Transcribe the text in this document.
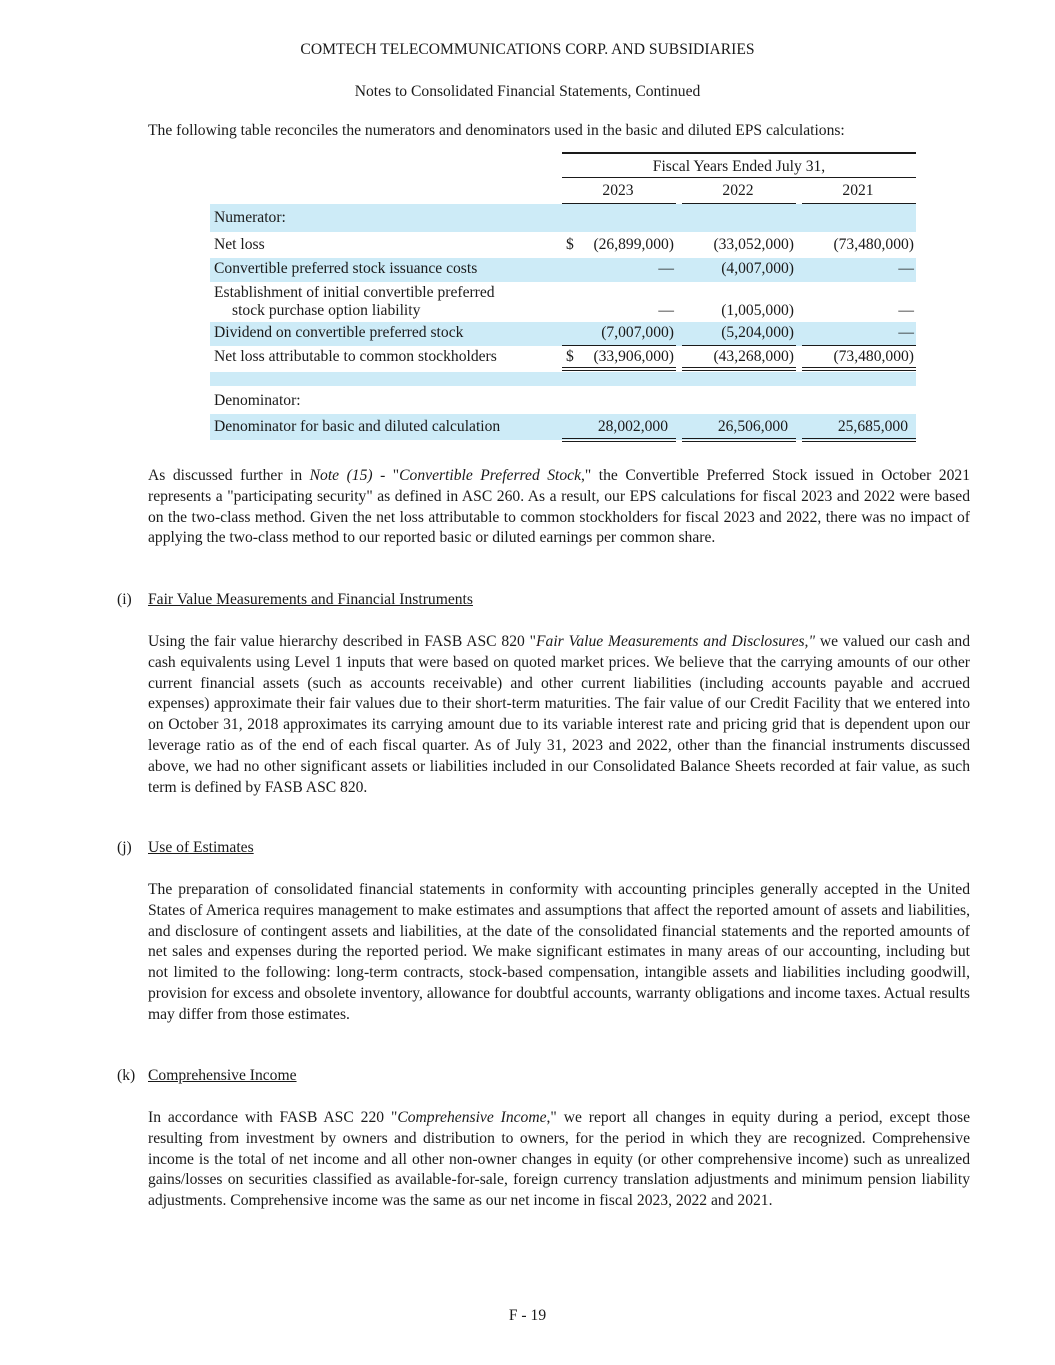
COMTECH TELECOMMUNICATIONS CORP. AND SUBSIDIARIES
Notes to Consolidated Financial Statements, Continued
The following table reconciles the numerators and denominators used in the basic and diluted EPS calculations:
Fiscal Years Ended July 31,
2023	2022	2021
Numerator:
Net loss	$	(26,899,000)	(33,052,000)	(73,480,000)
Convertible preferred stock issuance costs	—	(4,007,000)	—
Establishment of initial convertible preferred
stock purchase option liability	—	(1,005,000)	—
Dividend on convertible preferred stock	(7,007,000)	(5,204,000)	—
Net loss attributable to common stockholders	$	(33,906,000)	(43,268,000)	(73,480,000)
Denominator:
Denominator for basic and diluted calculation	28,002,000	26,506,000	25,685,000
As discussed further in Note (15) - "Convertible Preferred Stock," the Convertible Preferred Stock issued in October 2021 represents a "participating security" as defined in ASC 260. As a result, our EPS calculations for fiscal 2023 and 2022 were based on the two-class method. Given the net loss attributable to common stockholders for fiscal 2023 and 2022, there was no impact of applying the two-class method to our reported basic or diluted earnings per common share.
(i) Fair Value Measurements and Financial Instruments
Using the fair value hierarchy described in FASB ASC 820 "Fair Value Measurements and Disclosures," we valued our cash and cash equivalents using Level 1 inputs that were based on quoted market prices. We believe that the carrying amounts of our other current financial assets (such as accounts receivable) and other current liabilities (including accounts payable and accrued expenses) approximate their fair values due to their short-term maturities. The fair value of our Credit Facility that we entered into on October 31, 2018 approximates its carrying amount due to its variable interest rate and pricing grid that is dependent upon our leverage ratio as of the end of each fiscal quarter. As of July 31, 2023 and 2022, other than the financial instruments discussed above, we had no other significant assets or liabilities included in our Consolidated Balance Sheets recorded at fair value, as such term is defined by FASB ASC 820.
(j) Use of Estimates
The preparation of consolidated financial statements in conformity with accounting principles generally accepted in the United States of America requires management to make estimates and assumptions that affect the reported amount of assets and liabilities, and disclosure of contingent assets and liabilities, at the date of the consolidated financial statements and the reported amounts of net sales and expenses during the reported period. We make significant estimates in many areas of our accounting, including but not limited to the following: long-term contracts, stock-based compensation, intangible assets and liabilities including goodwill, provision for excess and obsolete inventory, allowance for doubtful accounts, warranty obligations and income taxes. Actual results may differ from those estimates.
(k) Comprehensive Income
In accordance with FASB ASC 220 "Comprehensive Income," we report all changes in equity during a period, except those resulting from investment by owners and distribution to owners, for the period in which they are recognized. Comprehensive income is the total of net income and all other non-owner changes in equity (or other comprehensive income) such as unrealized gains/losses on securities classified as available-for-sale, foreign currency translation adjustments and minimum pension liability adjustments. Comprehensive income was the same as our net income in fiscal 2023, 2022 and 2021.
F - 19
